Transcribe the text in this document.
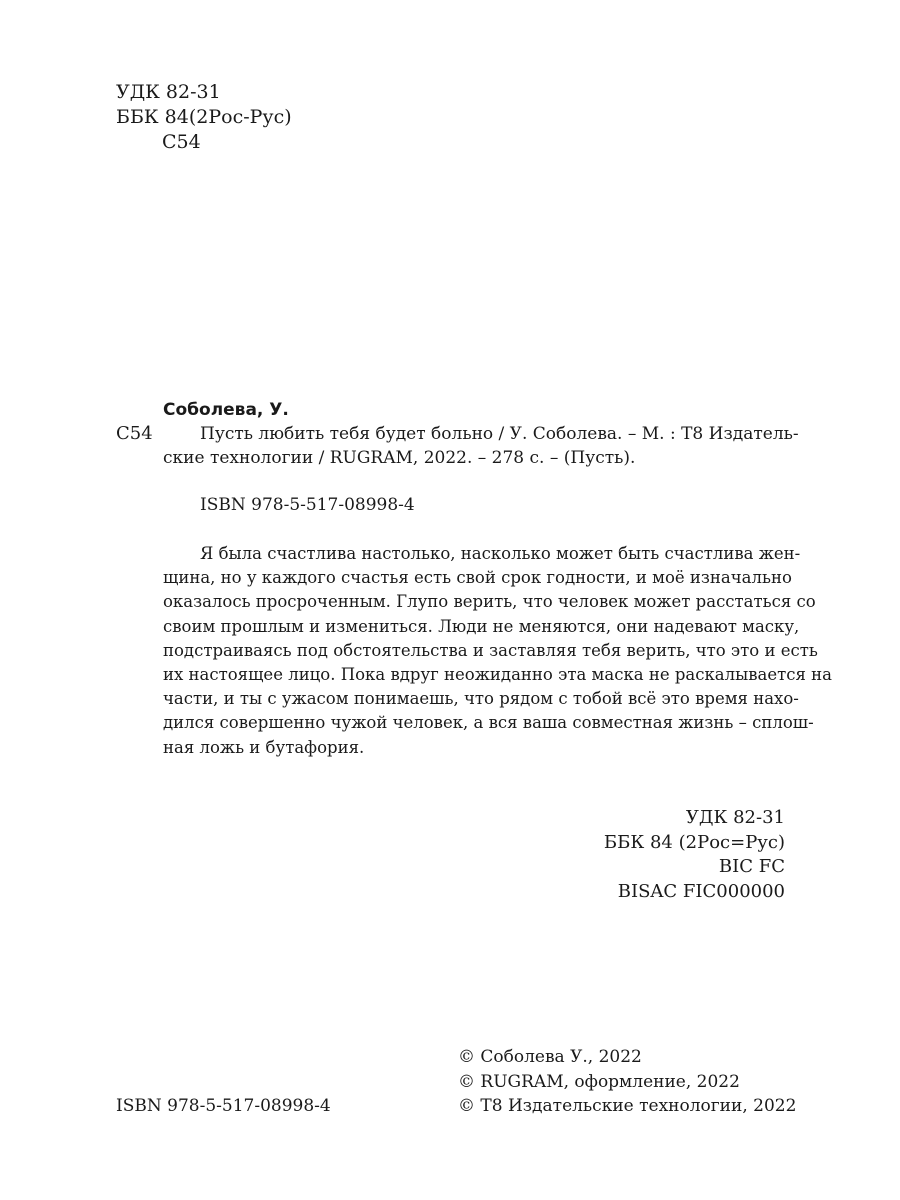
УДК 82-31
ББК 84(2Рос-Рус)
С54
Соболева, У.
С54	Пусть любить тебя будет больно / У. Соболева. – М. : Т8 Издатель-
ские технологии / RUGRAM, 2022. – 278 с. – (Пусть).
ISBN 978-5-517-08998-4
Я была счастлива настолько, насколько может быть счастлива жен-
щина, но у каждого счастья есть свой срок годности, и моё изначально
оказалось просроченным. Глупо верить, что человек может расстаться со
своим прошлым и измениться. Люди не меняются, они надевают маску,
подстраиваясь под обстоятельства и заставляя тебя верить, что это и есть
их настоящее лицо. Пока вдруг неожиданно эта маска не раскалывается на
части, и ты с ужасом понимаешь, что рядом с тобой всё это время нахо-
дился совершенно чужой человек, а вся ваша совместная жизнь – сплош-
ная ложь и бутафория.
УДК 82-31
ББК 84 (2Рос=Рус)
BIC FC
BISAC FIC000000
© Соболева У., 2022
© RUGRAM, оформление, 2022
© Т8 Издательские технологии, 2022
ISBN 978-5-517-08998-4
